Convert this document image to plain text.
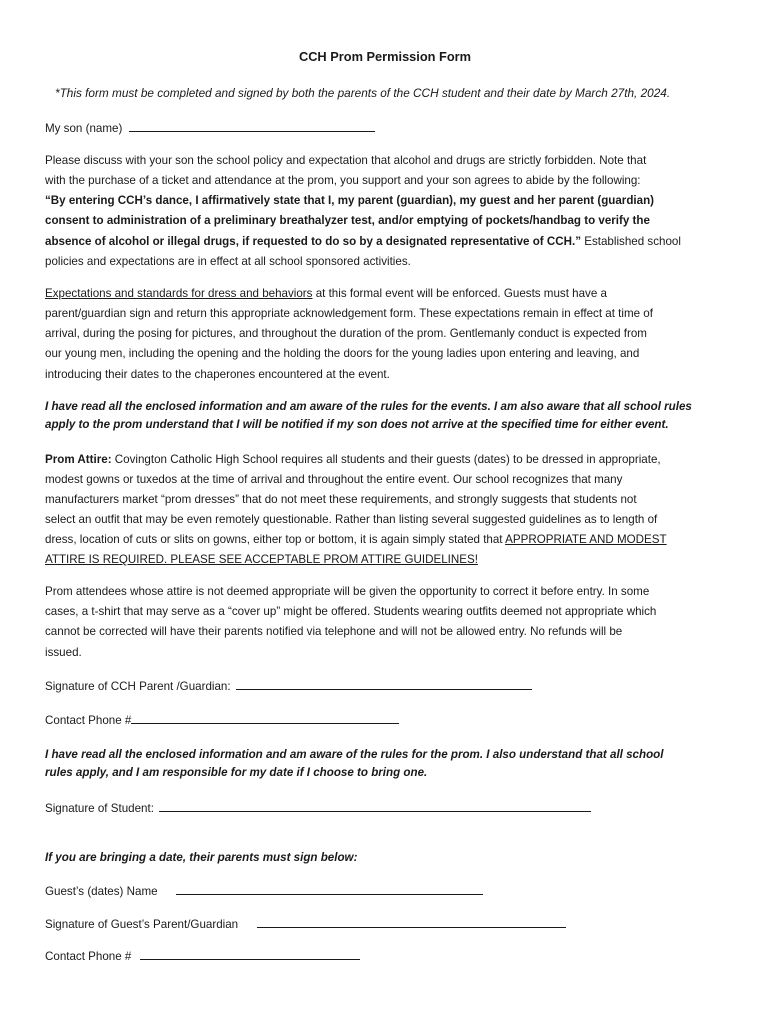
CCH Prom Permission Form
*This form must be completed and signed by both the parents of the CCH student and their date by March 27th, 2024.
My son (name)
Please discuss with your son the school policy and expectation that alcohol and drugs are strictly forbidden. Note that
with the purchase of a ticket and attendance at the prom, you support and your son agrees to abide by the following:
“By entering CCH’s dance, I affirmatively state that I, my parent (guardian), my guest and her parent (guardian)
consent to administration of a preliminary breathalyzer test, and/or emptying of pockets/handbag to verify the
absence of alcohol or illegal drugs, if requested to do so by a designated representative of CCH.” Established school
policies and expectations are in effect at all school sponsored activities.
Expectations and standards for dress and behaviors at this formal event will be enforced. Guests must have a
parent/guardian sign and return this appropriate acknowledgement form. These expectations remain in effect at time of
arrival, during the posing for pictures, and throughout the duration of the prom. Gentlemanly conduct is expected from
our young men, including the opening and the holding the doors for the young ladies upon entering and leaving, and
introducing their dates to the chaperones encountered at the event.
I have read all the enclosed information and am aware of the rules for the events. I am also aware that all school rules
apply to the prom understand that I will be notified if my son does not arrive at the specified time for either event.
Prom Attire: Covington Catholic High School requires all students and their guests (dates) to be dressed in appropriate,
modest gowns or tuxedos at the time of arrival and throughout the entire event. Our school recognizes that many
manufacturers market “prom dresses” that do not meet these requirements, and strongly suggests that students not
select an outfit that may be even remotely questionable. Rather than listing several suggested guidelines as to length of
dress, location of cuts or slits on gowns, either top or bottom, it is again simply stated that APPROPRIATE AND MODEST
ATTIRE IS REQUIRED. PLEASE SEE ACCEPTABLE PROM ATTIRE GUIDELINES!
Prom attendees whose attire is not deemed appropriate will be given the opportunity to correct it before entry. In some
cases, a t-shirt that may serve as a “cover up” might be offered. Students wearing outfits deemed not appropriate which
cannot be corrected will have their parents notified via telephone and will not be allowed entry. No refunds will be
issued.
Signature of CCH Parent /Guardian:
Contact Phone #
I have read all the enclosed information and am aware of the rules for the prom. I also understand that all school
rules apply, and I am responsible for my date if I choose to bring one.
Signature of Student:
If you are bringing a date, their parents must sign below:
Guest’s (dates) Name
Signature of Guest’s Parent/Guardian
Contact Phone #
